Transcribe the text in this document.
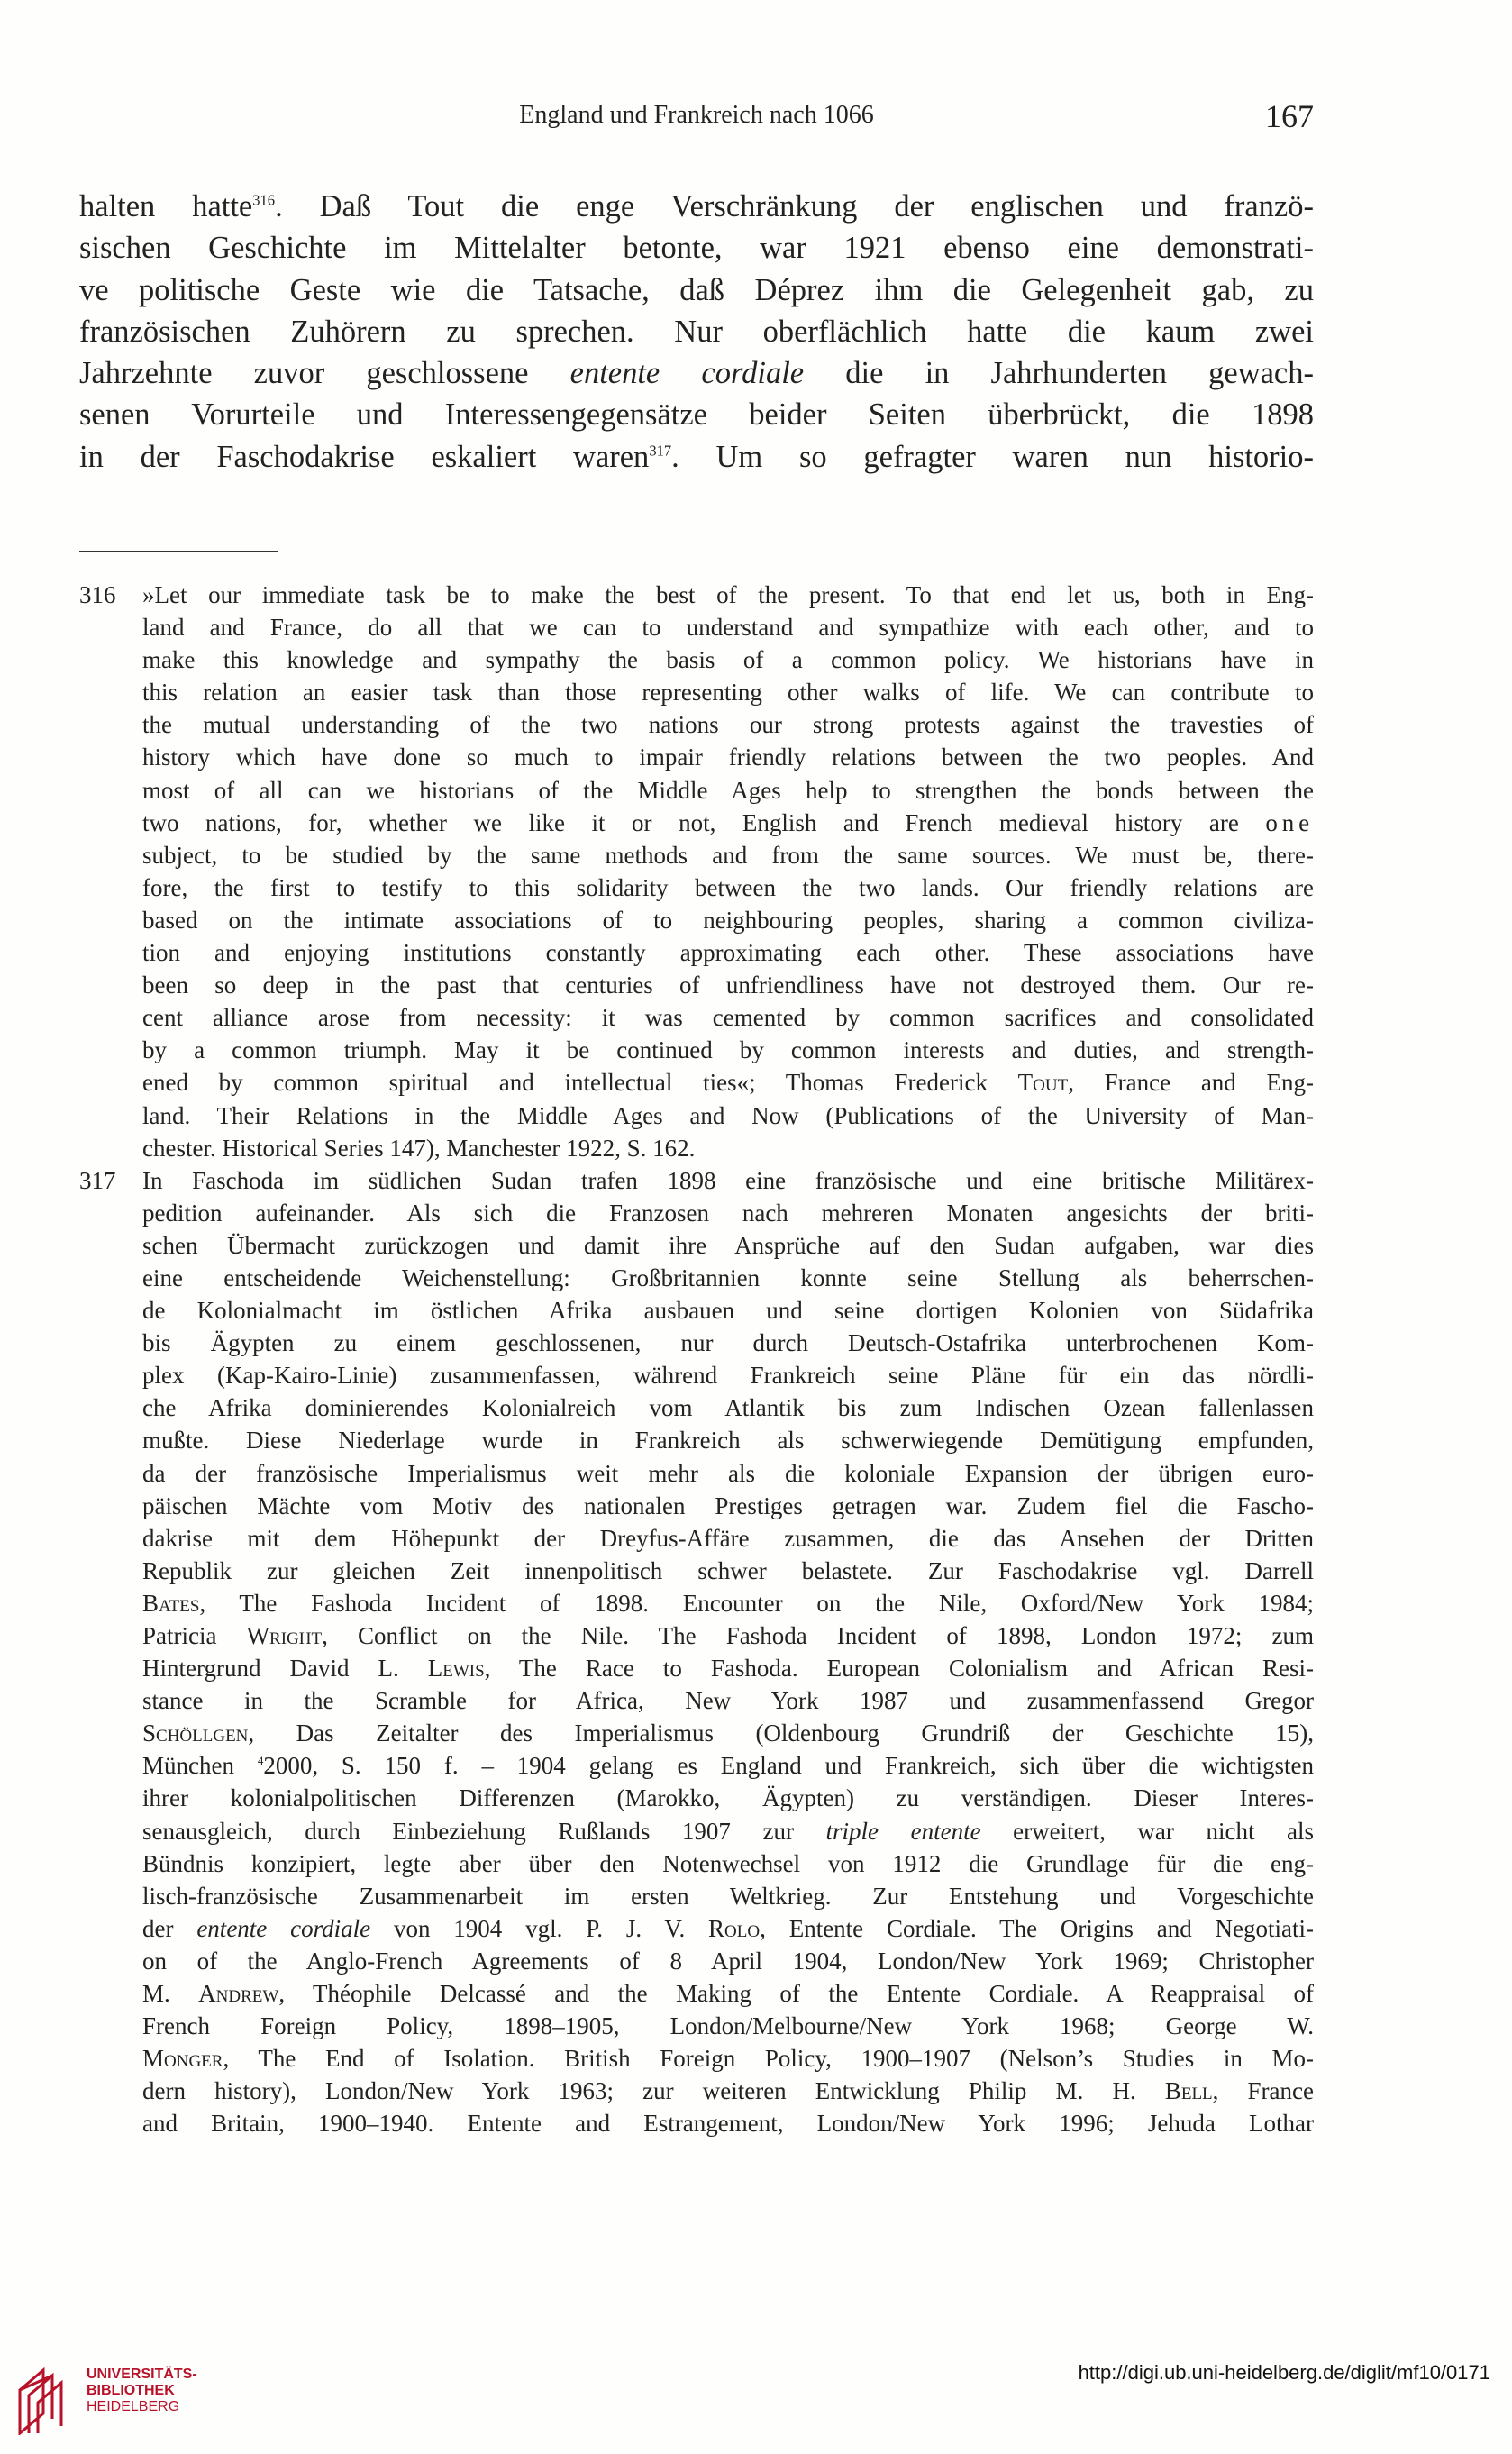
England und Frankreich nach 1066	167
halten hatte$^{316}$. Daß Tout die enge Verschränkung der englischen und franzö-
sischen Geschichte im Mittelalter betonte, war 1921 ebenso eine demonstrati-
ve politische Geste wie die Tatsache, daß Déprez ihm die Gelegenheit gab, zu
französischen Zuhörern zu sprechen. Nur oberflächlich hatte die kaum zwei
Jahrzehnte zuvor geschlossene entente cordiale die in Jahrhunderten gewach-
senen Vorurteile und Interessengegensätze beider Seiten überbrückt, die 1898
in der Faschodakrise eskaliert waren$^{317}$. Um so gefragter waren nun historio-
316 »Let our immediate task be to make the best of the present. To that end let us, both in Eng-
land and France, do all that we can to understand and sympathize with each other, and to
make this knowledge and sympathy the basis of a common policy. We historians have in
this relation an easier task than those representing other walks of life. We can contribute to
the mutual understanding of the two nations our strong protests against the travesties of
history which have done so much to impair friendly relations between the two peoples. And
most of all can we historians of the Middle Ages help to strengthen the bonds between the
two nations, for, whether we like it or not, English and French medieval history are one
subject, to be studied by the same methods and from the same sources. We must be, there-
fore, the first to testify to this solidarity between the two lands. Our friendly relations are
based on the intimate associations of to neighbouring peoples, sharing a common civiliza-
tion and enjoying institutions constantly approximating each other. These associations have
been so deep in the past that centuries of unfriendliness have not destroyed them. Our re-
cent alliance arose from necessity: it was cemented by common sacrifices and consolidated
by a common triumph. May it be continued by common interests and duties, and strength-
ened by common spiritual and intellectual ties«; Thomas Frederick Tout, France and Eng-
land. Their Relations in the Middle Ages and Now (Publications of the University of Man-
chester. Historical Series 147), Manchester 1922, S. 162.
317 In Faschoda im südlichen Sudan trafen 1898 eine französische und eine britische Militärex-
pedition aufeinander. Als sich die Franzosen nach mehreren Monaten angesichts der briti-
schen Übermacht zurückzogen und damit ihre Ansprüche auf den Sudan aufgaben, war dies
eine entscheidende Weichenstellung: Großbritannien konnte seine Stellung als beherrschen-
de Kolonialmacht im östlichen Afrika ausbauen und seine dortigen Kolonien von Südafrika
bis Ägypten zu einem geschlossenen, nur durch Deutsch-Ostafrika unterbrochenen Kom-
plex (Kap-Kairo-Linie) zusammenfassen, während Frankreich seine Pläne für ein das nördli-
che Afrika dominierendes Kolonialreich vom Atlantik bis zum Indischen Ozean fallenlassen
mußte. Diese Niederlage wurde in Frankreich als schwerwiegende Demütigung empfunden,
da der französische Imperialismus weit mehr als die koloniale Expansion der übrigen euro-
päischen Mächte vom Motiv des nationalen Prestiges getragen war. Zudem fiel die Fascho-
dakrise mit dem Höhepunkt der Dreyfus-Affäre zusammen, die das Ansehen der Dritten
Republik zur gleichen Zeit innenpolitisch schwer belastete. Zur Faschodakrise vgl. Darrell
Bates, The Fashoda Incident of 1898. Encounter on the Nile, Oxford/New York 1984;
Patricia Wright, Conflict on the Nile. The Fashoda Incident of 1898, London 1972; zum
Hintergrund David L. Lewis, The Race to Fashoda. European Colonialism and African Resi-
stance in the Scramble for Africa, New York 1987 und zusammenfassend Gregor
Schöllgen, Das Zeitalter des Imperialismus (Oldenbourg Grundriß der Geschichte 15),
München $^4$2000, S. 150 f. – 1904 gelang es England und Frankreich, sich über die wichtigsten
ihrer kolonialpolitischen Differenzen (Marokko, Ägypten) zu verständigen. Dieser Interes-
senausgleich, durch Einbeziehung Rußlands 1907 zur triple entente erweitert, war nicht als
Bündnis konzipiert, legte aber über den Notenwechsel von 1912 die Grundlage für die eng-
lisch-französische Zusammenarbeit im ersten Weltkrieg. Zur Entstehung und Vorgeschichte
der entente cordiale von 1904 vgl. P. J. V. Rolo, Entente Cordiale. The Origins and Negotiati-
on of the Anglo-French Agreements of 8 April 1904, London/New York 1969; Christopher
M. Andrew, Théophile Delcassé and the Making of the Entente Cordiale. A Reappraisal of
French Foreign Policy, 1898–1905, London/Melbourne/New York 1968; George W.
Monger, The End of Isolation. British Foreign Policy, 1900–1907 (Nelson’s Studies in Mo-
dern history), London/New York 1963; zur weiteren Entwicklung Philip M. H. Bell, France
and Britain, 1900–1940. Entente and Estrangement, London/New York 1996; Jehuda Lothar
UNIVERSITÄTS-
BIBLIOTHEK
HEIDELBERG
http://digi.ub.uni-heidelberg.de/diglit/mf10/0171
